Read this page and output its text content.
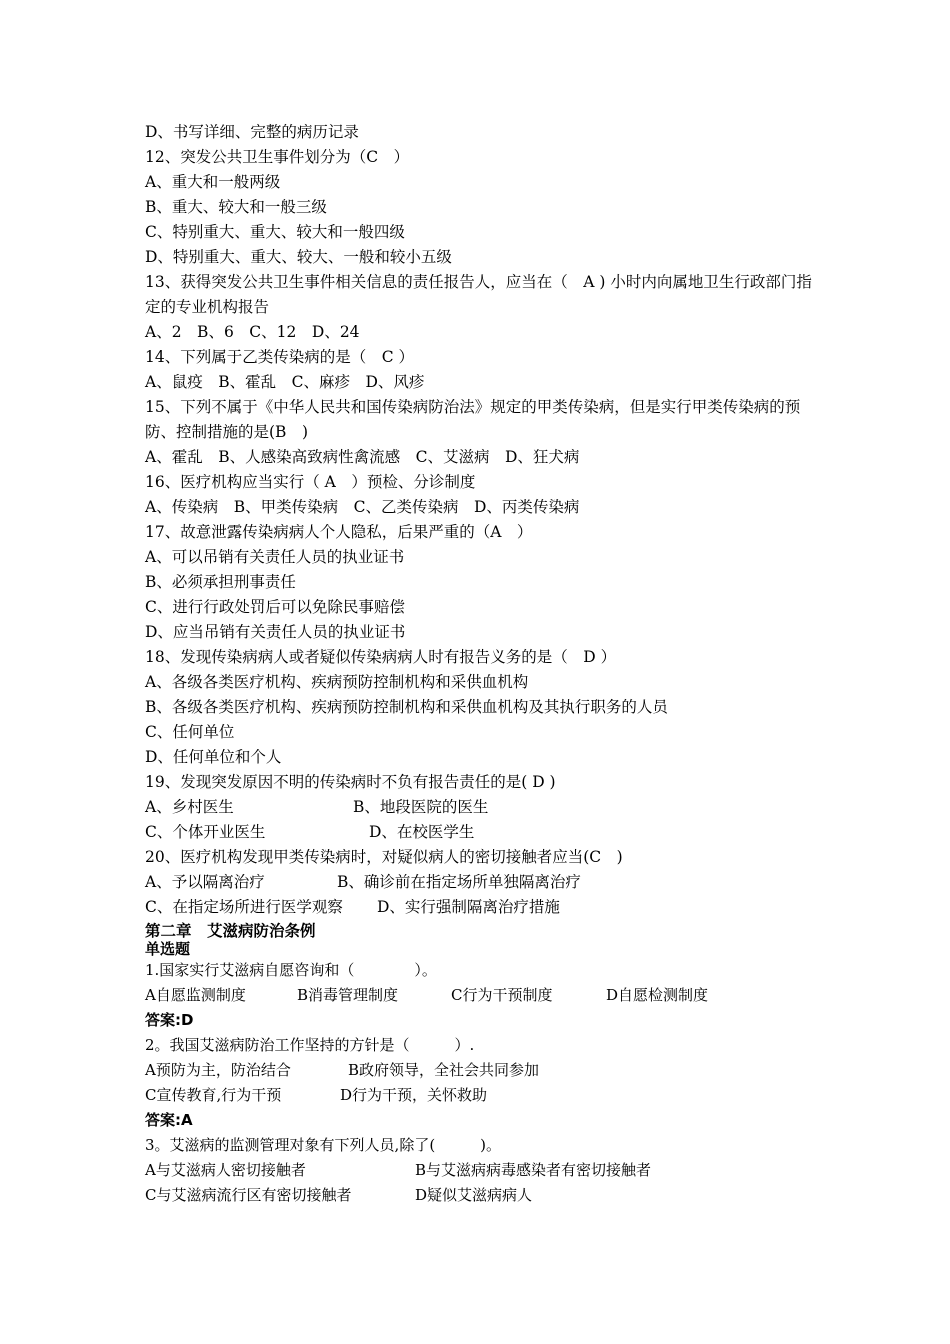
D、书写详细、完整的病历记录
12、突发公共卫生事件划分为（C　）
A、重大和一般两级
B、重大、较大和一般三级
C、特别重大、重大、较大和一般四级
D、特别重大、重大、较大、一般和较小五级
13、获得突发公共卫生事件相关信息的责任报告人，应当在（　A ) 小时内向属地卫生行政部门指定的专业机构报告
A、2　B、6　C、12　D、24
14、下列属于乙类传染病的是（　C ）
A、鼠疫　B、霍乱　C、麻疹　D、风疹
15、下列不属于《中华人民共和国传染病防治法》规定的甲类传染病，但是实行甲类传染病的预防、控制措施的是(B　)
A、霍乱　B、人感染高致病性禽流感　C、艾滋病　D、狂犬病
16、医疗机构应当实行（ A　）预检、分诊制度
A、传染病　B、甲类传染病　C、乙类传染病　D、丙类传染病
17、故意泄露传染病病人个人隐私，后果严重的（A　）
A、可以吊销有关责任人员的执业证书
B、必须承担刑事责任
C、进行行政处罚后可以免除民事赔偿
D、应当吊销有关责任人员的执业证书
18、发现传染病病人或者疑似传染病病人时有报告义务的是（　D ）
A、各级各类医疗机构、疾病预防控制机构和采供血机构
B、各级各类医疗机构、疾病预防控制机构和采供血机构及其执行职务的人员
C、任何单位
D、任何单位和个人
19、发现突发原因不明的传染病时不负有报告责任的是( D )
A、乡村医生	B、地段医院的医生
C、个体开业医生	D、在校医学生
20、医疗机构发现甲类传染病时，对疑似病人的密切接触者应当(C　)
A、予以隔离治疗	B、确诊前在指定场所单独隔离治疗
C、在指定场所进行医学观察 D、实行强制隔离治疗措施
第二章　艾滋病防治条例
单选题
1.国家实行艾滋病自愿咨询和（　　　　）。
A自愿监测制度	B消毒管理制度	C行为干预制度	D自愿检测制度
答案:D
2。我国艾滋病防治工作坚持的方针是（　　　）.
A预防为主，防治结合	B政府领导，全社会共同参加
C宣传教育,行为干预	D行为干预，关怀救助
答案:A
3。艾滋病的监测管理对象有下列人员,除了(　　　)。
A与艾滋病人密切接触者	B与艾滋病病毒感染者有密切接触者
C与艾滋病流行区有密切接触者	D疑似艾滋病病人
